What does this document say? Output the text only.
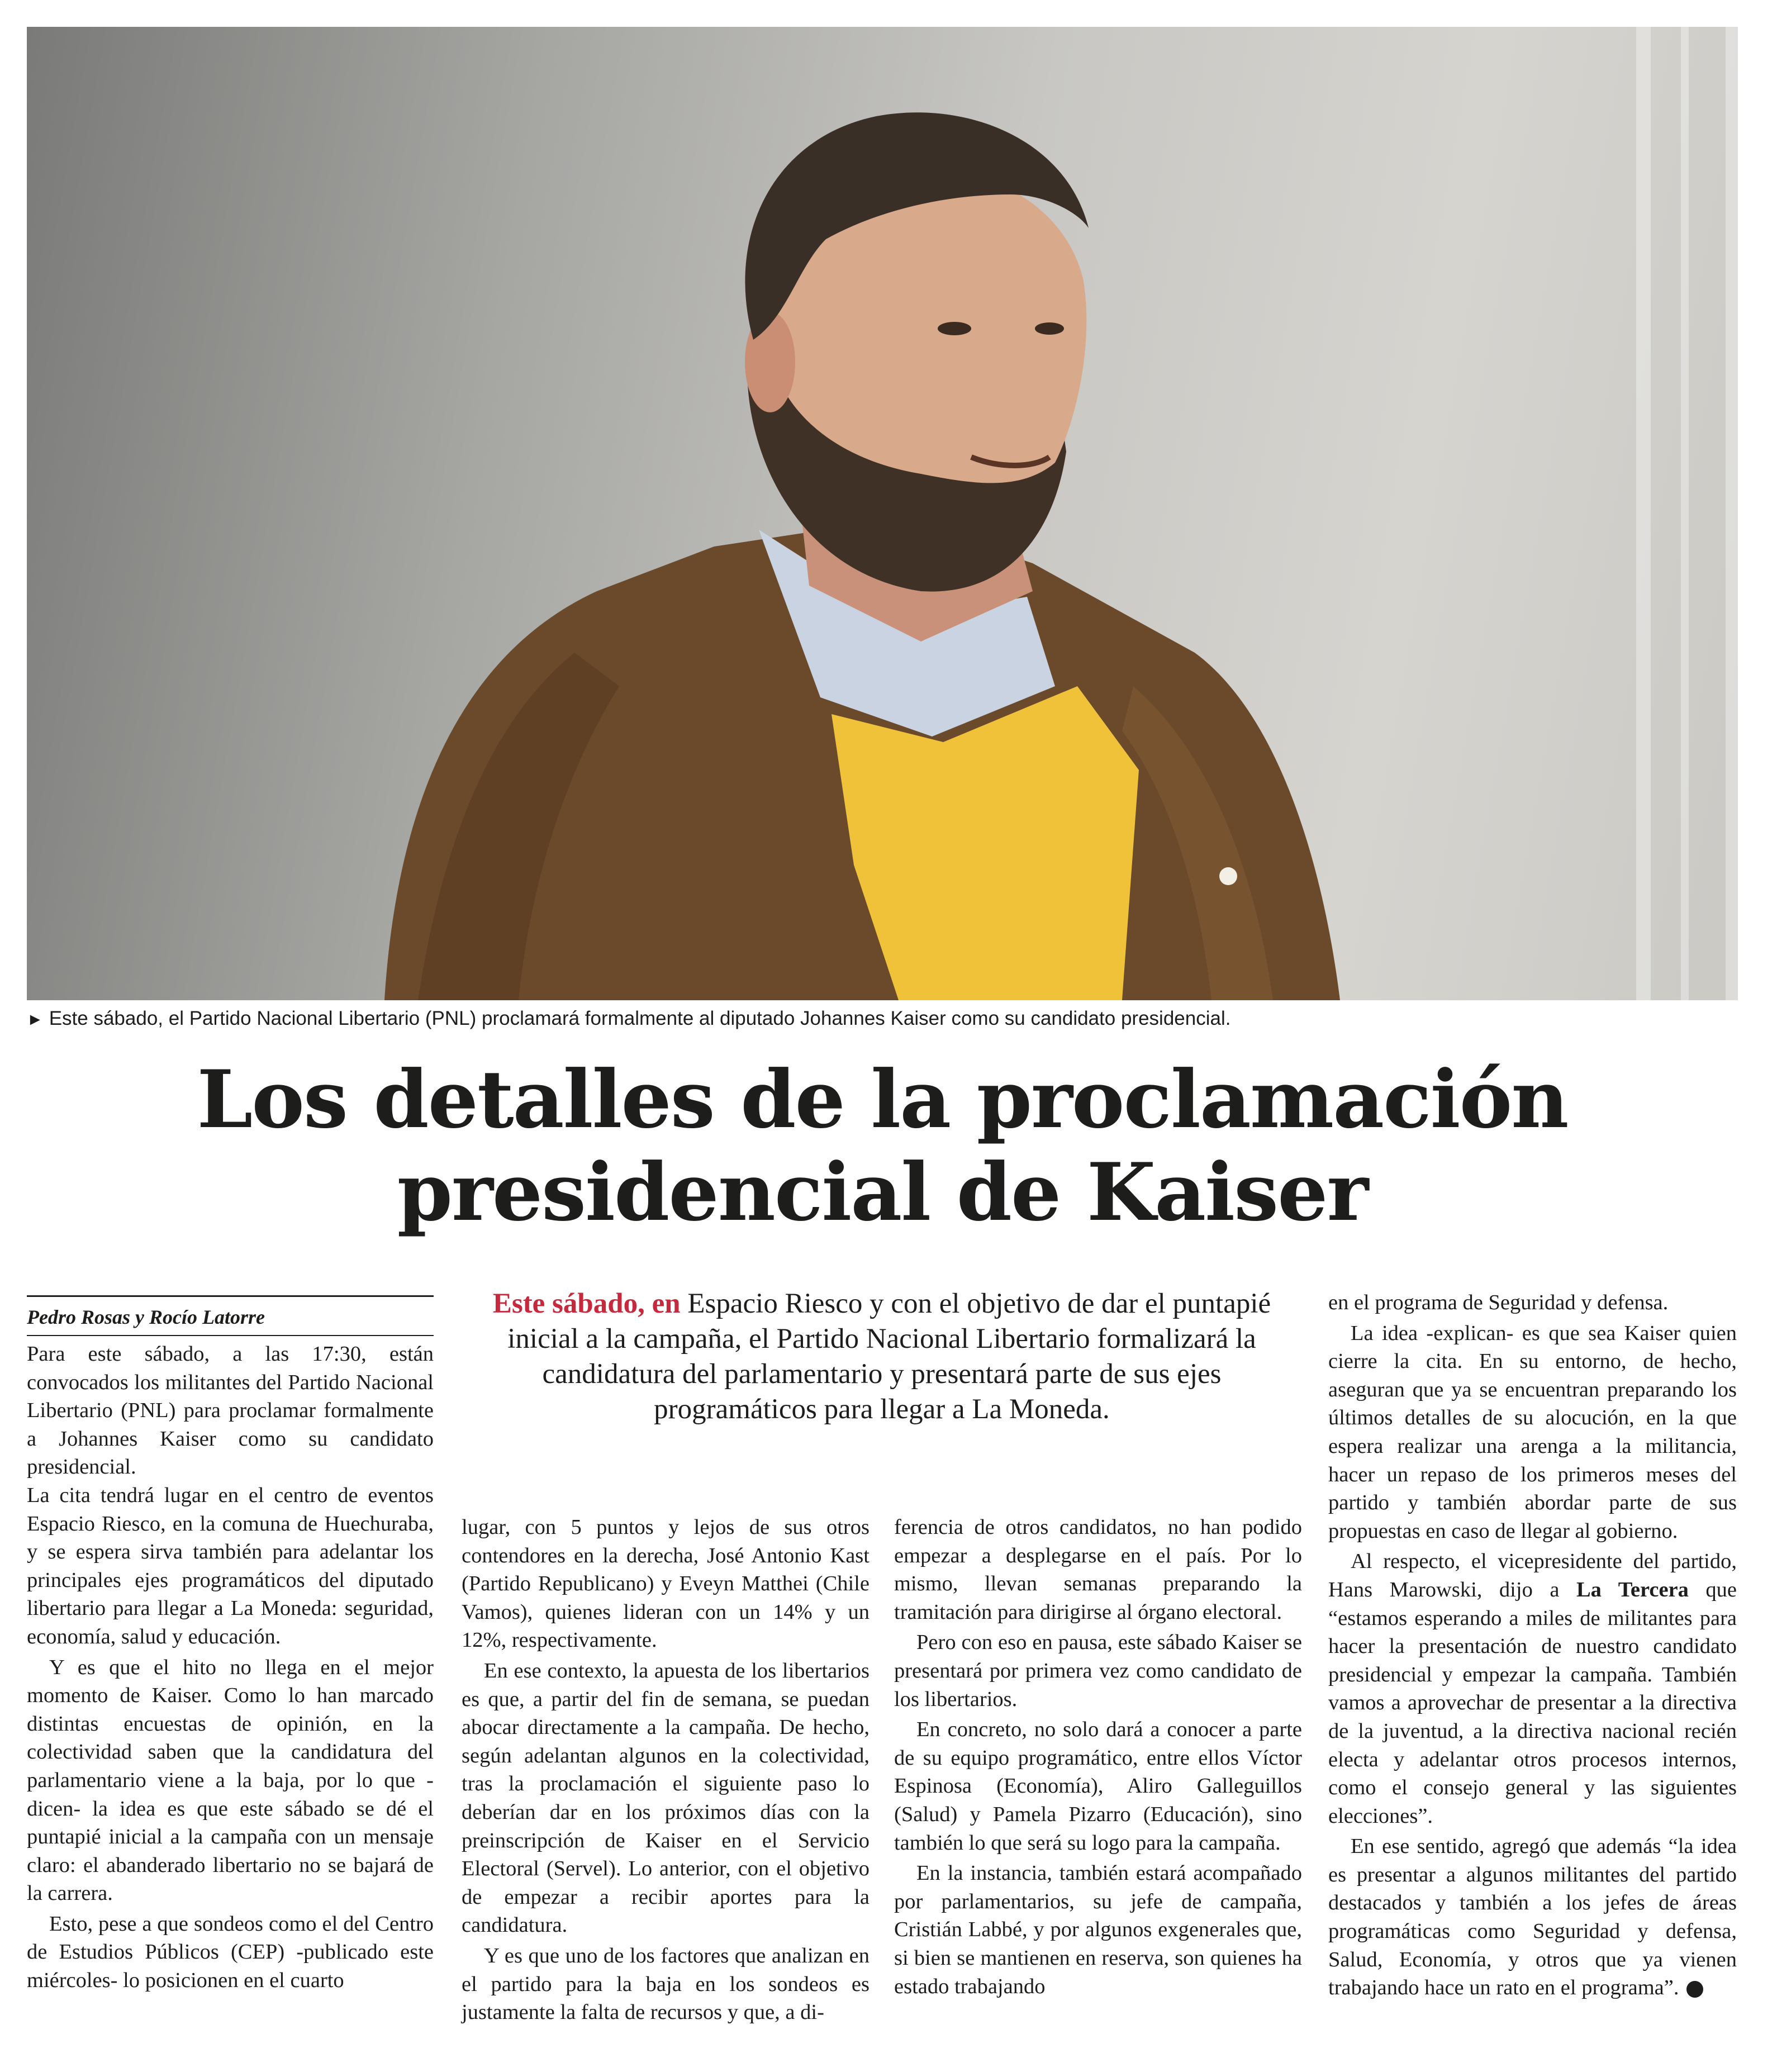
► Este sábado, el Partido Nacional Libertario (PNL) proclamará formalmente al diputado Johannes Kaiser como su candidato presidencial.
Los detalles de la proclamación
presidencial de Kaiser
Pedro Rosas y Rocío Latorre	Este sábado, en Espacio Riesco y con el objetivo de dar el puntapié inicial a la campaña, el Partido Nacional Libertario formalizará la candidatura del parlamentario y presentará parte de sus ejes programáticos para llegar a La Moneda.

Para este sábado, a las 17:30, están convocados los militantes del Partido Nacional Libertario (PNL) para proclamar formalmente a Johannes Kaiser como su candidato presidencial.

La cita tendrá lugar en el centro de eventos Espacio Riesco, en la comuna de Huechuraba, y se espera sirva también para adelantar los principales ejes programáticos del diputado libertario para llegar a La Moneda: seguridad, economía, salud y educación.

Y es que el hito no llega en el mejor momento de Kaiser. Como lo han marcado distintas encuestas de opinión, en la colectividad saben que la candidatura del parlamentario viene a la baja, por lo que -dicen- la idea es que este sábado se dé el puntapié inicial a la campaña con un mensaje claro: el abanderado libertario no se bajará de la carrera.

Esto, pese a que sondeos como el del Centro de Estudios Públicos (CEP) -publicado este miércoles- lo posicionen en el cuarto

lugar, con 5 puntos y lejos de sus otros contendores en la derecha, José Antonio Kast (Partido Republicano) y Eveyn Matthei (Chile Vamos), quienes lideran con un 14% y un 12%, respectivamente.

En ese contexto, la apuesta de los libertarios es que, a partir del fin de semana, se puedan abocar directamente a la campaña. De hecho, según adelantan algunos en la colectividad, tras la proclamación el siguiente paso lo deberían dar en los próximos días con la preinscripción de Kaiser en el Servicio Electoral (Servel). Lo anterior, con el objetivo de empezar a recibir aportes para la candidatura.

Y es que uno de los factores que analizan en el partido para la baja en los sondeos es justamente la falta de recursos y que, a di-

ferencia de otros candidatos, no han podido empezar a desplegarse en el país. Por lo mismo, llevan semanas preparando la tramitación para dirigirse al órgano electoral.

Pero con eso en pausa, este sábado Kaiser se presentará por primera vez como candidato de los libertarios.

En concreto, no solo dará a conocer a parte de su equipo programático, entre ellos Víctor Espinosa (Economía), Aliro Galleguillos (Salud) y Pamela Pizarro (Educación), sino también lo que será su logo para la campaña.

En la instancia, también estará acompañado por parlamentarios, su jefe de campaña, Cristián Labbé, y por algunos exgenerales que, si bien se mantienen en reserva, son quienes ha estado trabajando

en el programa de Seguridad y defensa.

La idea -explican- es que sea Kaiser quien cierre la cita. En su entorno, de hecho, aseguran que ya se encuentran preparando los últimos detalles de su alocución, en la que espera realizar una arenga a la militancia, hacer un repaso de los primeros meses del partido y también abordar parte de sus propuestas en caso de llegar al gobierno.

Al respecto, el vicepresidente del partido, Hans Marowski, dijo a La Tercera que “estamos esperando a miles de militantes para hacer la presentación de nuestro candidato presidencial y empezar la campaña. También vamos a aprovechar de presentar a la directiva de la juventud, a la directiva nacional recién electa y adelantar otros procesos internos, como el consejo general y las siguientes elecciones”.

En ese sentido, agregó que además “la idea es presentar a algunos militantes del partido destacados y también a los jefes de áreas programáticas como Seguridad y defensa, Salud, Economía, y otros que ya vienen trabajando hace un rato en el programa”.
